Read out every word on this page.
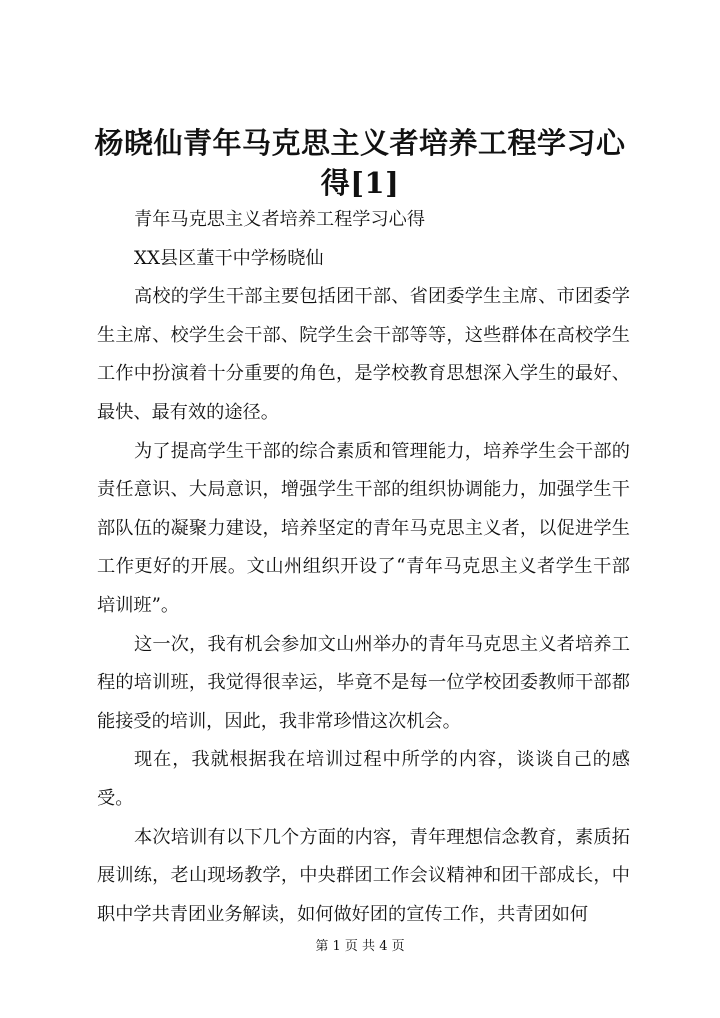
杨晓仙青年马克思主义者培养工程学习心得[1]

青年马克思主义者培养工程学习心得

XX县区董干中学杨晓仙

高校的学生干部主要包括团干部、省团委学生主席、市团委学生主席、校学生会干部、院学生会干部等等，这些群体在高校学生工作中扮演着十分重要的角色，是学校教育思想深入学生的最好、最快、最有效的途径。

为了提高学生干部的综合素质和管理能力，培养学生会干部的责任意识、大局意识，增强学生干部的组织协调能力，加强学生干部队伍的凝聚力建设，培养坚定的青年马克思主义者，以促进学生工作更好的开展。文山州组织开设了“青年马克思主义者学生干部培训班”。

这一次，我有机会参加文山州举办的青年马克思主义者培养工程的培训班，我觉得很幸运，毕竟不是每一位学校团委教师干部都能接受的培训，因此，我非常珍惜这次机会。

现在，我就根据我在培训过程中所学的内容，谈谈自己的感受。

本次培训有以下几个方面的内容，青年理想信念教育，素质拓展训练，老山现场教学，中央群团工作会议精神和团干部成长，中职中学共青团业务解读，如何做好团的宣传工作，共青团如何

第 1 页 共 4 页
